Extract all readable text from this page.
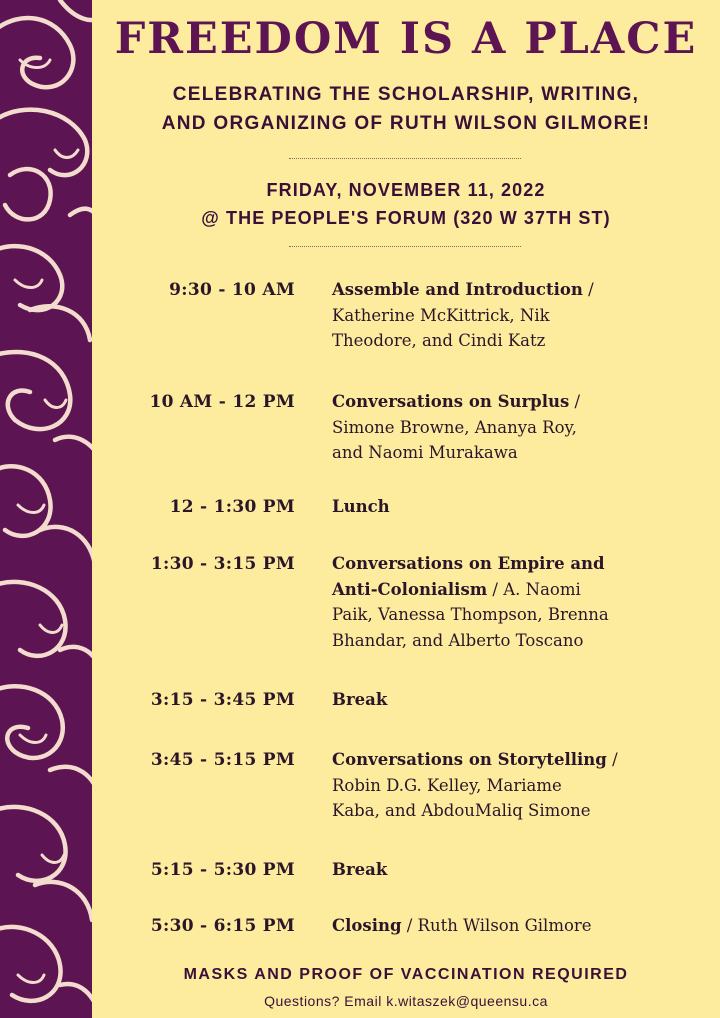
FREEDOM IS A PLACE
CELEBRATING THE SCHOLARSHIP, WRITING,
AND ORGANIZING OF RUTH WILSON GILMORE!
FRIDAY, NOVEMBER 11, 2022
@ THE PEOPLE'S FORUM (320 W 37TH ST)
9:30 - 10 AM Assemble and Introduction /
Katherine McKittrick, Nik
Theodore, and Cindi Katz
10 AM - 12 PM Conversations on Surplus /
Simone Browne, Ananya Roy,
and Naomi Murakawa
12 - 1:30 PM Lunch
1:30 - 3:15 PM Conversations on Empire and
Anti-Colonialism / A. Naomi
Paik, Vanessa Thompson, Brenna
Bhandar, and Alberto Toscano
3:15 - 3:45 PM Break
3:45 - 5:15 PM Conversations on Storytelling /
Robin D.G. Kelley, Mariame
Kaba, and AbdouMaliq Simone
5:15 - 5:30 PM Break
5:30 - 6:15 PM Closing / Ruth Wilson Gilmore
MASKS AND PROOF OF VACCINATION REQUIRED
Questions? Email k.witaszek@queensu.ca
